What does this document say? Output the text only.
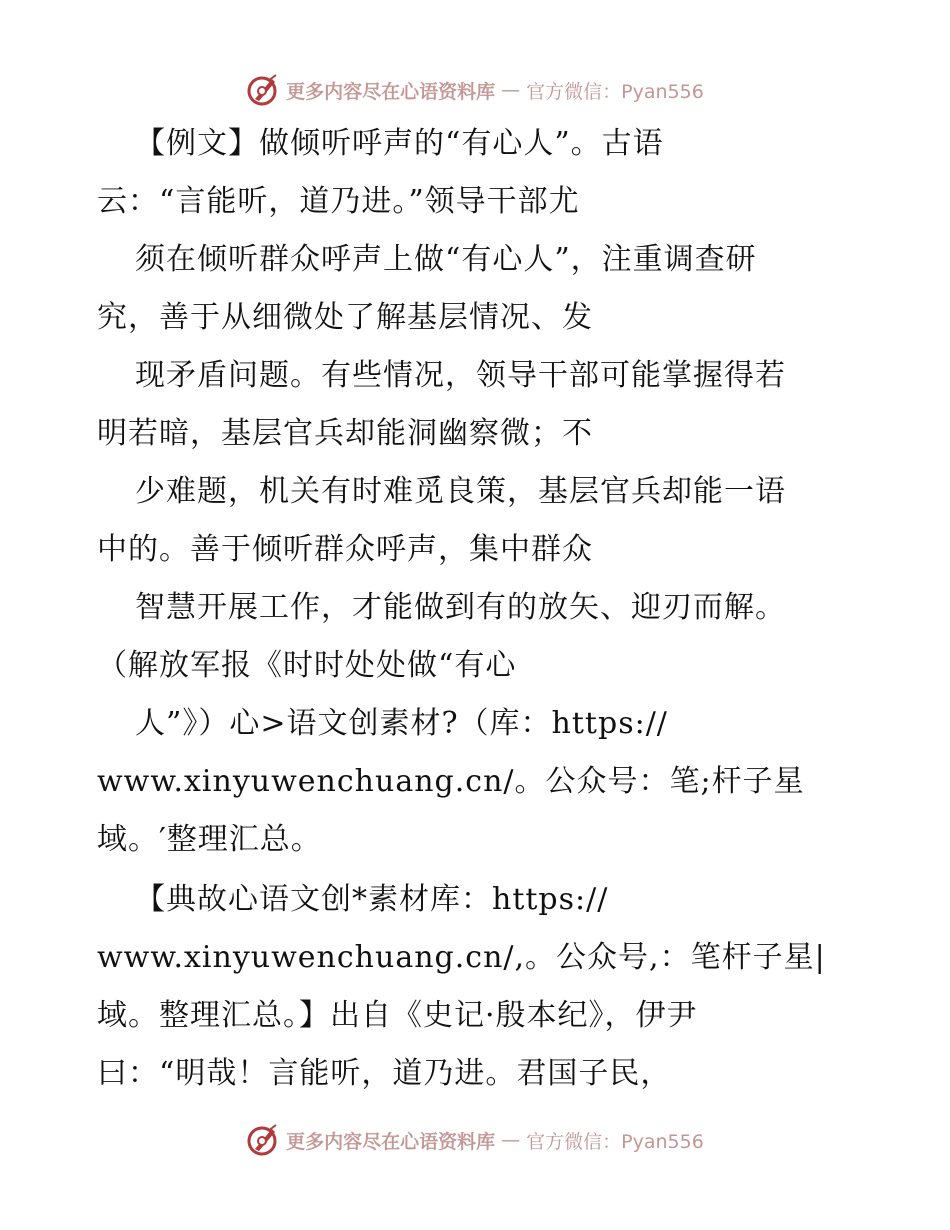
更多内容尽在心语资料库 — 官方微信：Pyan556
【例文】做倾听呼声的“有心人”。古语
云：“言能听，道乃进。”领导干部尤
须在倾听群众呼声上做“有心人”，注重调查研
究，善于从细微处了解基层情况、发
现矛盾问题。有些情况，领导干部可能掌握得若
明若暗，基层官兵却能洞幽察微；不
少难题，机关有时难觅良策，基层官兵却能一语
中的。善于倾听群众呼声，集中群众
智慧开展工作，才能做到有的放矢、迎刃而解。
（解放军报《时时处处做“有心
人”》）心>语文创素材?（库：https://
www.xinyuwenchuang.cn/。公众号：笔;杆子星
域。′整理汇总。
【典故心语文创*素材库：https://
www.xinyuwenchuang.cn/,。公众号,：笔杆子星|
域。整理汇总。】出自《史记·殷本纪》，伊尹
曰：“明哉！言能听，道乃进。君国子民，
更多内容尽在心语资料库 — 官方微信：Pyan556
